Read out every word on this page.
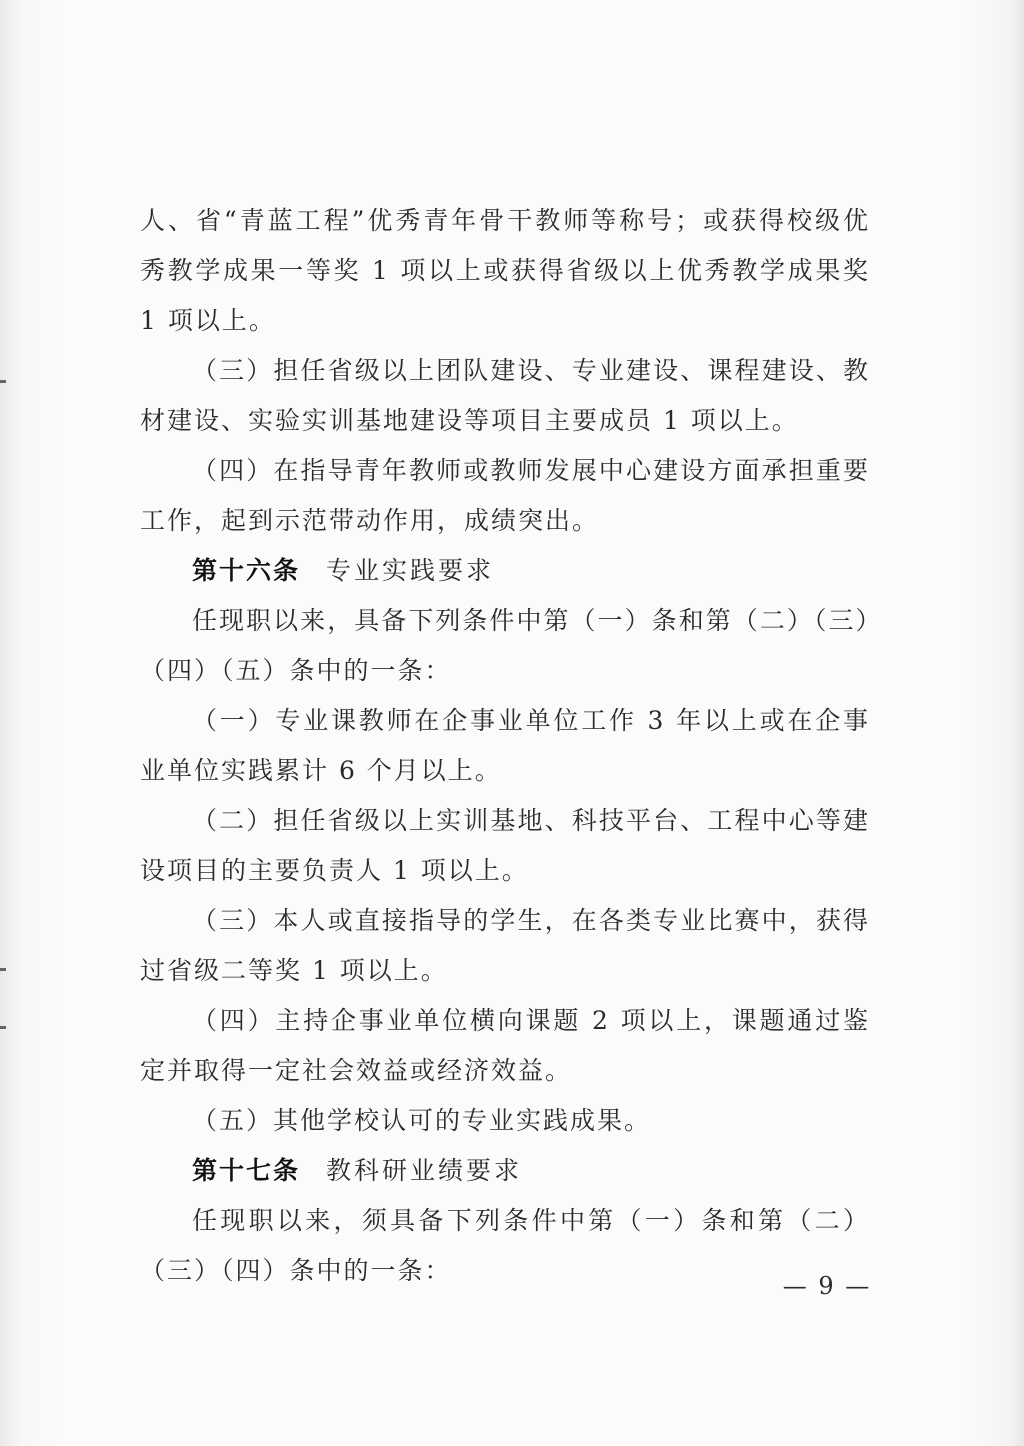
人、省“青蓝工程”优秀青年骨干教师等称号；或获得校级优秀教学成果一等奖 1 项以上或获得省级以上优秀教学成果奖 1 项以上。

（三）担任省级以上团队建设、专业建设、课程建设、教材建设、实验实训基地建设等项目主要成员 1 项以上。

（四）在指导青年教师或教师发展中心建设方面承担重要工作，起到示范带动作用，成绩突出。

第十六条 专业实践要求

任现职以来，具备下列条件中第（一）条和第（二）（三）（四）（五）条中的一条：

（一）专业课教师在企事业单位工作 3 年以上或在企事业单位实践累计 6 个月以上。

（二）担任省级以上实训基地、科技平台、工程中心等建设项目的主要负责人 1 项以上。

（三）本人或直接指导的学生，在各类专业比赛中，获得过省级二等奖 1 项以上。

（四）主持企事业单位横向课题 2 项以上，课题通过鉴定并取得一定社会效益或经济效益。

（五）其他学校认可的专业实践成果。

第十七条 教科研业绩要求

任现职以来，须具备下列条件中第（一）条和第（二）（三）（四）条中的一条：

— 9 —
